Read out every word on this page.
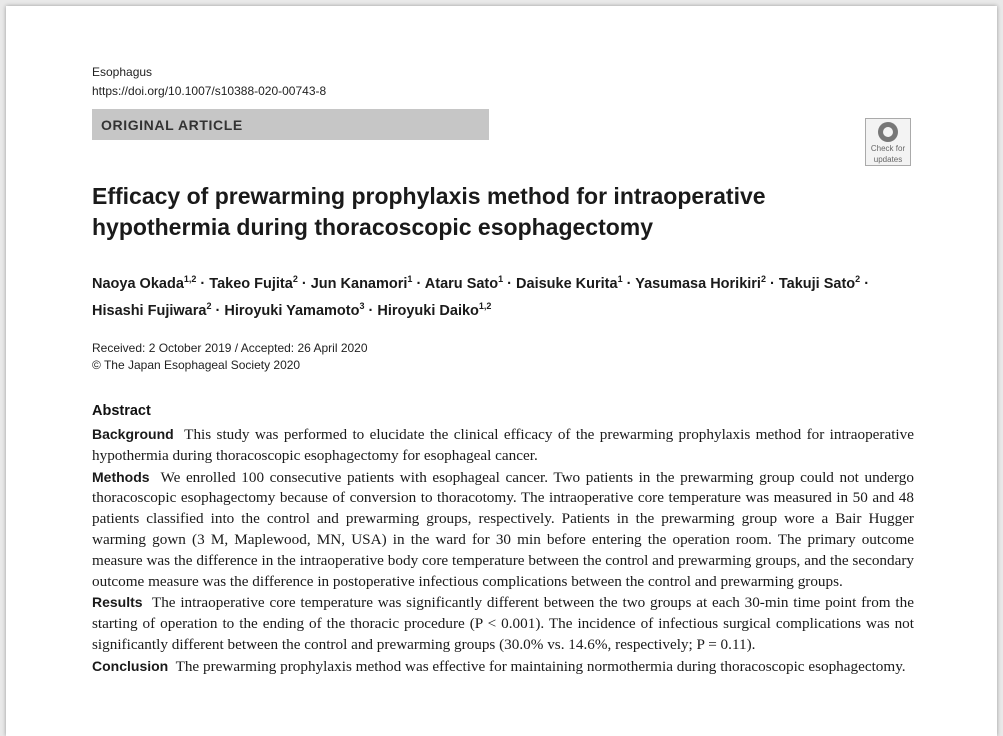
Esophagus
https://doi.org/10.1007/s10388-020-00743-8
ORIGINAL ARTICLE
Check for
updates
Efficacy of prewarming prophylaxis method for intraoperative hypothermia during thoracoscopic esophagectomy
Naoya Okada$^{1,2}$ · Takeo Fujita$^2$ · Jun Kanamori$^1$ · Ataru Sato$^1$ · Daisuke Kurita$^1$ · Yasumasa Horikiri$^2$ · Takuji Sato$^2$ ·
Hisashi Fujiwara$^2$ · Hiroyuki Yamamoto$^3$ · Hiroyuki Daiko$^{1,2}$
Received: 2 October 2019 / Accepted: 26 April 2020
© The Japan Esophageal Society 2020
Abstract

Background This study was performed to elucidate the clinical efficacy of the prewarming prophylaxis method for intraoperative hypothermia during thoracoscopic esophagectomy for esophageal cancer.

Methods We enrolled 100 consecutive patients with esophageal cancer. Two patients in the prewarming group could not undergo thoracoscopic esophagectomy because of conversion to thoracotomy. The intraoperative core temperature was measured in 50 and 48 patients classified into the control and prewarming groups, respectively. Patients in the prewarming group wore a Bair Hugger warming gown (3 M, Maplewood, MN, USA) in the ward for 30 min before entering the operation room. The primary outcome measure was the difference in the intraoperative body core temperature between the control and prewarming groups, and the secondary outcome measure was the difference in postoperative infectious complications between the control and prewarming groups.

Results The intraoperative core temperature was significantly different between the two groups at each 30-min time point from the starting of operation to the ending of the thoracic procedure (P < 0.001). The incidence of infectious surgical complications was not significantly different between the control and prewarming groups (30.0% vs. 14.6%, respectively; P = 0.11).

Conclusion The prewarming prophylaxis method was effective for maintaining normothermia during thoracoscopic esophagectomy.
